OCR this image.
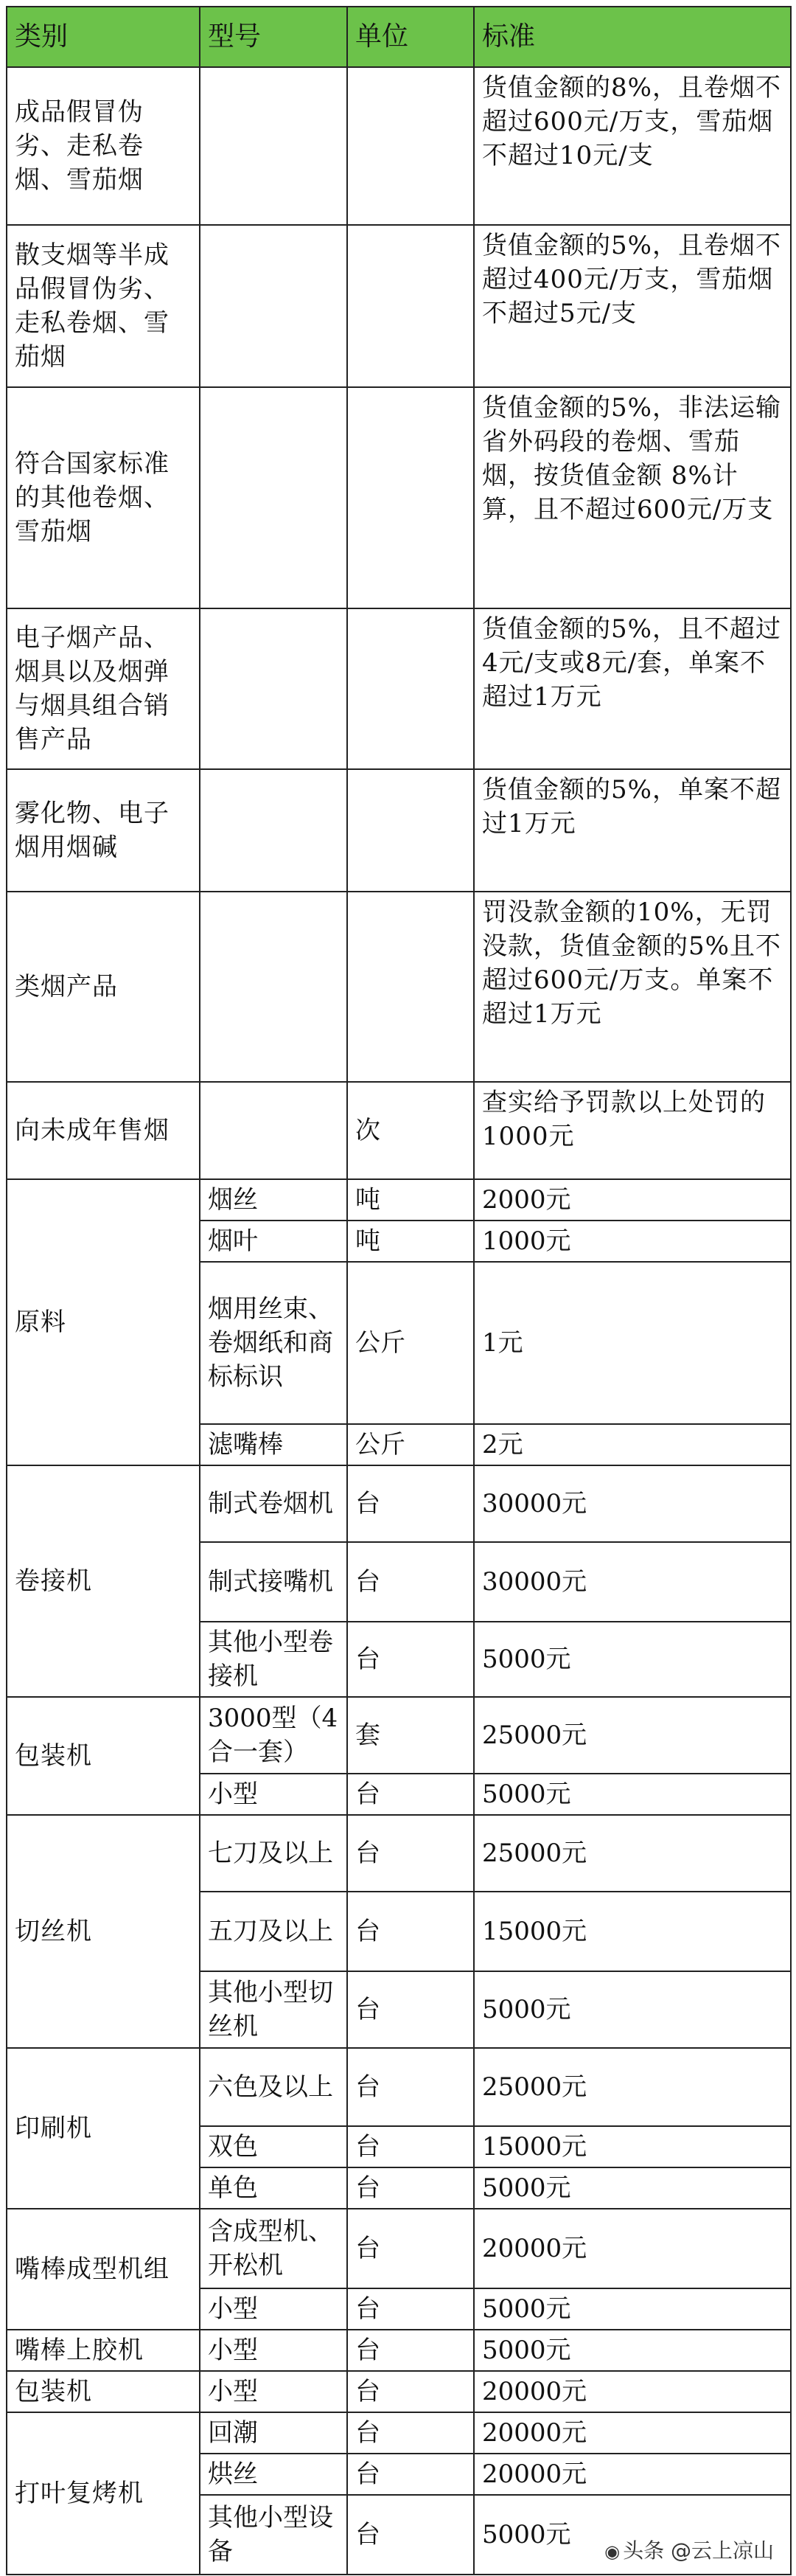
类别	型号	单位	标准
成品假冒伪劣、走私卷烟、雪茄烟			货值金额的8%，且卷烟不超过600元/万支，雪茄烟不超过10元/支
散支烟等半成品假冒伪劣、走私卷烟、雪茄烟			货值金额的5%，且卷烟不超过400元/万支，雪茄烟不超过5元/支
符合国家标准的其他卷烟、雪茄烟			货值金额的5%，非法运输省外码段的卷烟、雪茄烟，按货值金额 8%计算，且不超过600元/万支
电子烟产品、烟具以及烟弹与烟具组合销售产品			货值金额的5%，且不超过4元/支或8元/套，单案不超过1万元
雾化物、电子烟用烟碱			货值金额的5%，单案不超过1万元
类烟产品			罚没款金额的10%，无罚没款，货值金额的5%且不超过600元/万支。单案不超过1万元
向未成年售烟		次	查实给予罚款以上处罚的1000元
原料	烟丝	吨	2000元
	烟叶	吨	1000元
	烟用丝束、卷烟纸和商标标识	公斤	1元
	滤嘴棒	公斤	2元
卷接机	制式卷烟机	台	30000元
	制式接嘴机	台	30000元
	其他小型卷接机	台	5000元
包装机	3000型（4合一套）	套	25000元
	小型	台	5000元
切丝机	七刀及以上	台	25000元
	五刀及以上	台	15000元
	其他小型切丝机	台	5000元
印刷机	六色及以上	台	25000元
	双色	台	15000元
	单色	台	5000元
嘴棒成型机组	含成型机、开松机	台	20000元
	小型	台	5000元
嘴棒上胶机	小型	台	5000元
包装机	小型	台	20000元
打叶复烤机	回潮	台	20000元
	烘丝	台	20000元
	其他小型设备	台	5000元
◉ 头条 @云上凉山
